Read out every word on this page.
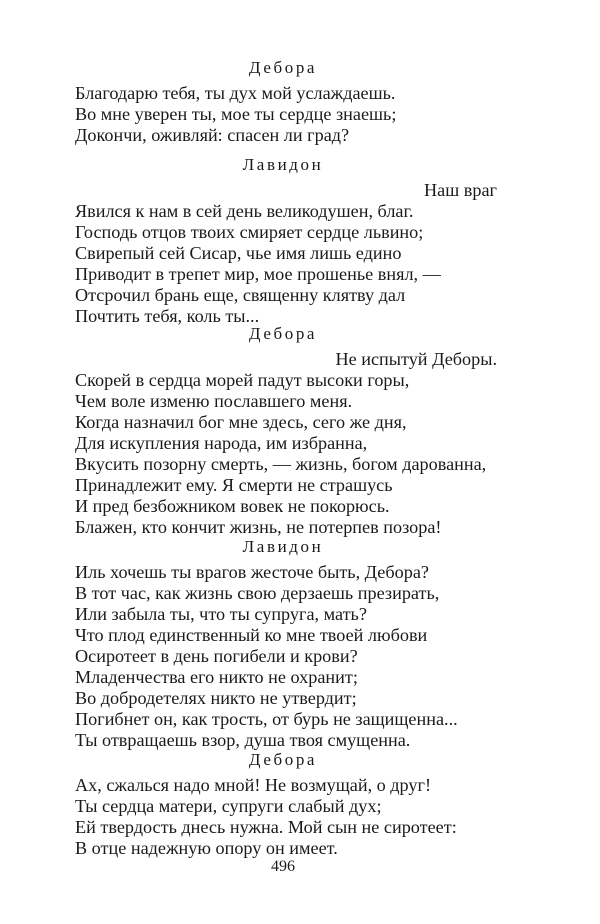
Дебора
Благодарю тебя, ты дух мой услаждаешь.
Во мне уверен ты, мое ты сердце знаешь;
Докончи, оживляй: спасен ли град?
Лавидон
Наш враг
Явился к нам в сей день великодушен, благ.
Господь отцов твоих смиряет сердце львино;
Свирепый сей Сисар, чье имя лишь едино
Приводит в трепет мир, мое прошенье внял, —
Отсрочил брань еще, священну клятву дал
Почтить тебя, коль ты...
Дебора
Не испытуй Деборы.
Скорей в сердца морей падут высоки горы,
Чем воле изменю пославшего меня.
Когда назначил бог мне здесь, сего же дня,
Для искупления народа, им избранна,
Вкусить позорну смерть, — жизнь, богом дарованна,
Принадлежит ему. Я смерти не страшусь
И пред безбожником вовек не покорюсь.
Блажен, кто кончит жизнь, не потерпев позора!
Лавидон
Иль хочешь ты врагов жесточе быть, Дебора?
В тот час, как жизнь свою дерзаешь презирать,
Или забыла ты, что ты супруга, мать?
Что плод единственный ко мне твоей любови
Осиротеет в день погибели и крови?
Младенчества его никто не охранит;
Во добродетелях никто не утвердит;
Погибнет он, как трость, от бурь не защищенна...
Ты отвращаешь взор, душа твоя смущенна.
Дебора
Ах, сжалься надо мной! Не возмущай, о друг!
Ты сердца матери, супруги слабый дух;
Ей твердость днесь нужна. Мой сын не сиротеет:
В отце надежную опору он имеет.
496
